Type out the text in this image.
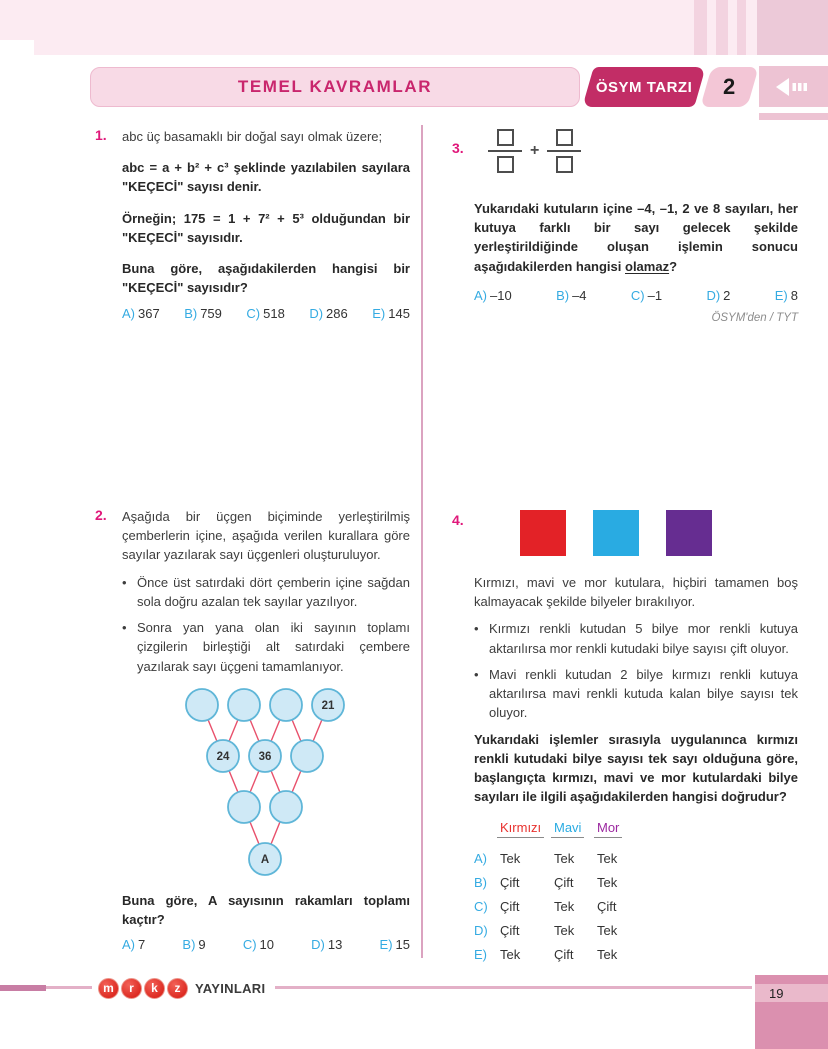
TEMEL KAVRAMLAR	ÖSYM TARZI 2
1.	abc üç basamaklı bir doğal sayı olmak üzere;

abc = a + b² + c³ şeklinde yazılabilen sayılara "KEÇECİ" sayısı denir.

Örneğin; 175 = 1 + 7² + 5³ olduğundan bir "KEÇECİ" sayısıdır.

Buna göre, aşağıdakilerden hangisi bir "KEÇECİ" sayısıdır?

A) 367 B) 759 C) 518 D) 286 E) 145
2.	Aşağıda bir üçgen biçiminde yerleştirilmiş çemberlerin içine, aşağıda verilen kurallara göre sayılar yazılarak sayı üçgenleri oluşturuluyor.

• Önce üst satırdaki dört çemberin içine sağdan sola doğru azalan tek sayılar yazılıyor.
• Sonra yan yana olan iki sayının toplamı çizgilerin birleştiği alt satırdaki çembere yazılarak sayı üçgeni tamamlanıyor.
21
24	36
A

Buna göre, A sayısının rakamları toplamı kaçtır?

A) 7	B) 9	C) 10	D) 13	E) 15
3.	+

Yukarıdaki kutuların içine –4, –1, 2 ve 8 sayıları, her kutuya farklı bir sayı gelecek şekilde yerleştirildiğinde oluşan işlemin sonucu aşağıdakilerden hangisi olamaz?

A) –10	B) –4	C) –1	D) 2	E) 8

ÖSYM'den / TYT

4.

Kırmızı, mavi ve mor kutulara, hiçbiri tamamen boş kalmayacak şekilde bilyeler bırakılıyor.

• Kırmızı renkli kutudan 5 bilye mor renkli kutuya aktarılırsa mor renkli kutudaki bilye sayısı çift oluyor.
• Mavi renkli kutudan 2 bilye kırmızı renkli kutuya aktarılırsa mavi renkli kutuda kalan bilye sayısı tek oluyor.

Yukarıdaki işlemler sırasıyla uygulanınca kırmızı renkli kutudaki bilye sayısı tek sayı olduğuna göre, başlangıçta kırmızı, mavi ve mor kutulardaki bilye sayıları ile ilgili aşağıdakilerden hangisi doğrudur?

Kırmızı Mavi	Mor
A)	Tek	Tek	Tek
B)	Çift	Çift	Tek
C) Çift	Tek	Çift
D) Çift	Tek	Tek
E)	Tek	Çift	Tek
m	r	k	z	YAYINLARI	19
